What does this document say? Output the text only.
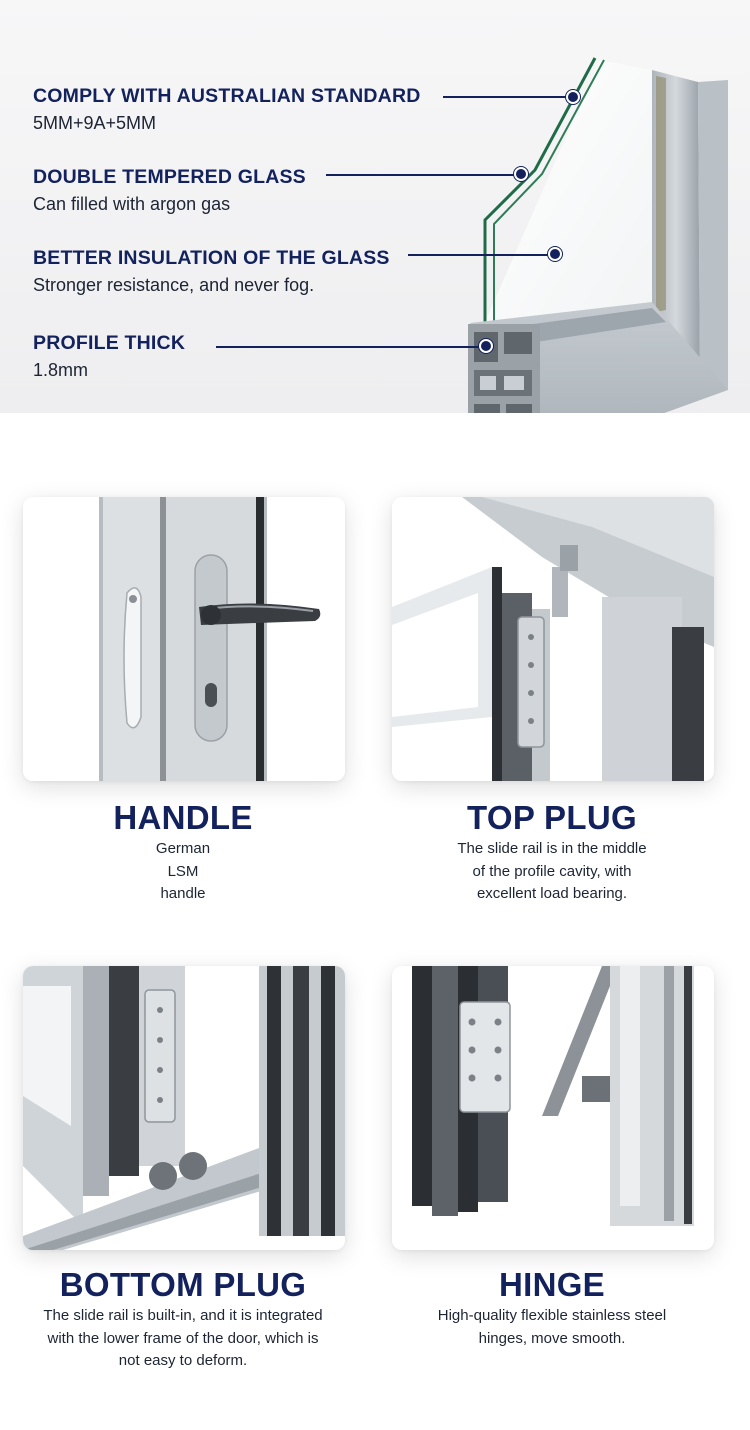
COMPLY WITH AUSTRALIAN STANDARD
5MM+9A+5MM
DOUBLE TEMPERED GLASS
Can filled with argon gas
BETTER INSULATION OF THE GLASS
Stronger resistance, and never fog.
PROFILE THICK
1.8mm
HANDLE
German
LSM
handle
TOP PLUG
The slide rail is in the middle
of the profile cavity, with
excellent load bearing.
BOTTOM PLUG
The slide rail is built-in, and it is integrated
with the lower frame of the door, which is
not easy to deform.
HINGE
High-quality flexible stainless steel
hinges, move smooth.
